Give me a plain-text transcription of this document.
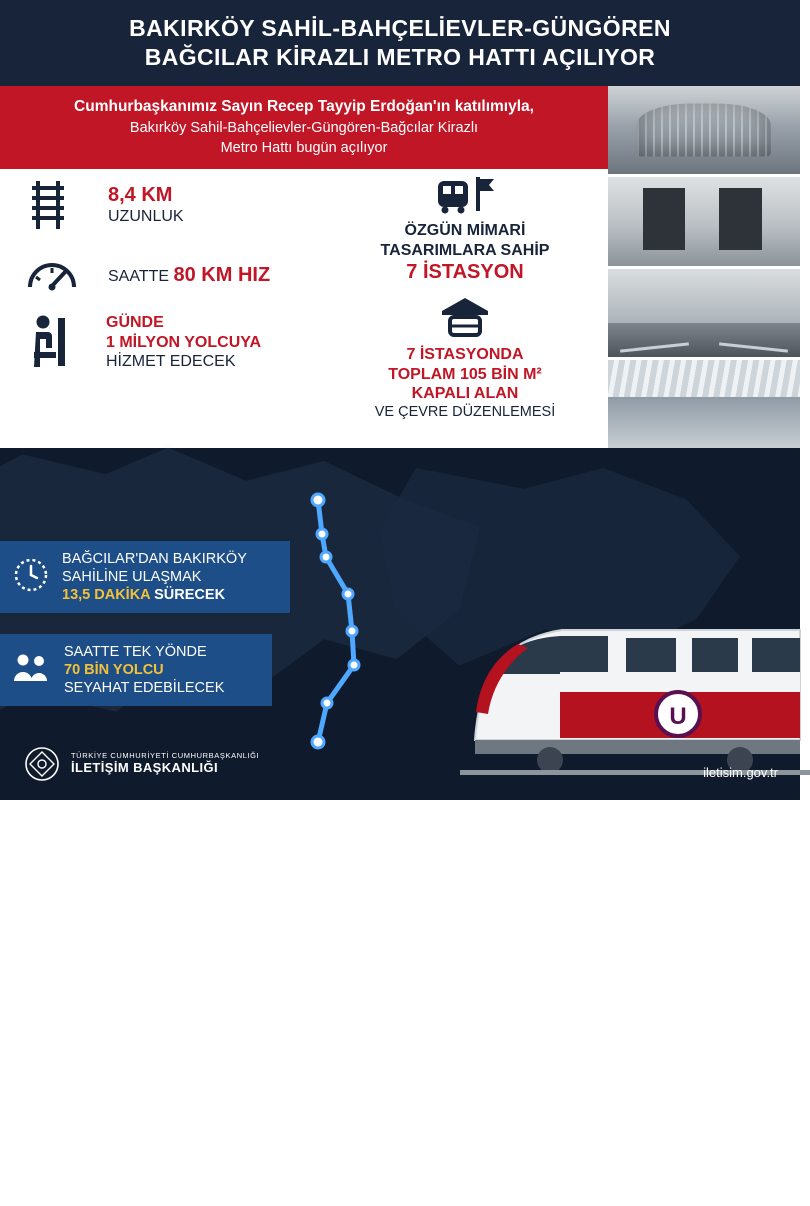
BAKIRKÖY SAHİL-BAHÇELİEVLER-GÜNGÖREN
BAĞCILAR KİRAZLI METRO HATTI AÇILIYOR
Cumhurbaşkanımız Sayın Recep Tayyip Erdoğan'ın katılımıyla,
Bakırköy Sahil-Bahçelievler-Güngören-Bağcılar Kirazlı
Metro Hattı bugün açılıyor
8,4 KM
UZUNLUK
SAATTE 80 KM HIZ
GÜNDE
1 MİLYON YOLCUYA
HİZMET EDECEK
ÖZGÜN MİMARİ
TASARIMLARA SAHİP
7 İSTASYON
7 İSTASYONDA
TOPLAM 105 BİN M²
KAPALI ALAN
VE ÇEVRE DÜZENLEMESİ
BAĞCILAR KİRAZLI
MOLLA GÜRANİ
YILDIZTEPE
İLKYUVA
HAZNEDAR
İNCİRLİ
ÖZGÜRLÜK MEYDANI
BAKIRKÖY SAHİL
BAĞCILAR'DAN BAKIRKÖY
SAHİLİNE ULAŞMAK
13,5 DAKİKA SÜRECEK
SAATTE TEK YÖNDE
70 BİN YOLCU
SEYAHAT EDEBİLECEK
U
TÜRKİYE CUMHURİYETİ CUMHURBAŞKANLIĞI
İLETİŞİM BAŞKANLIĞI	iletisim.gov.tr
